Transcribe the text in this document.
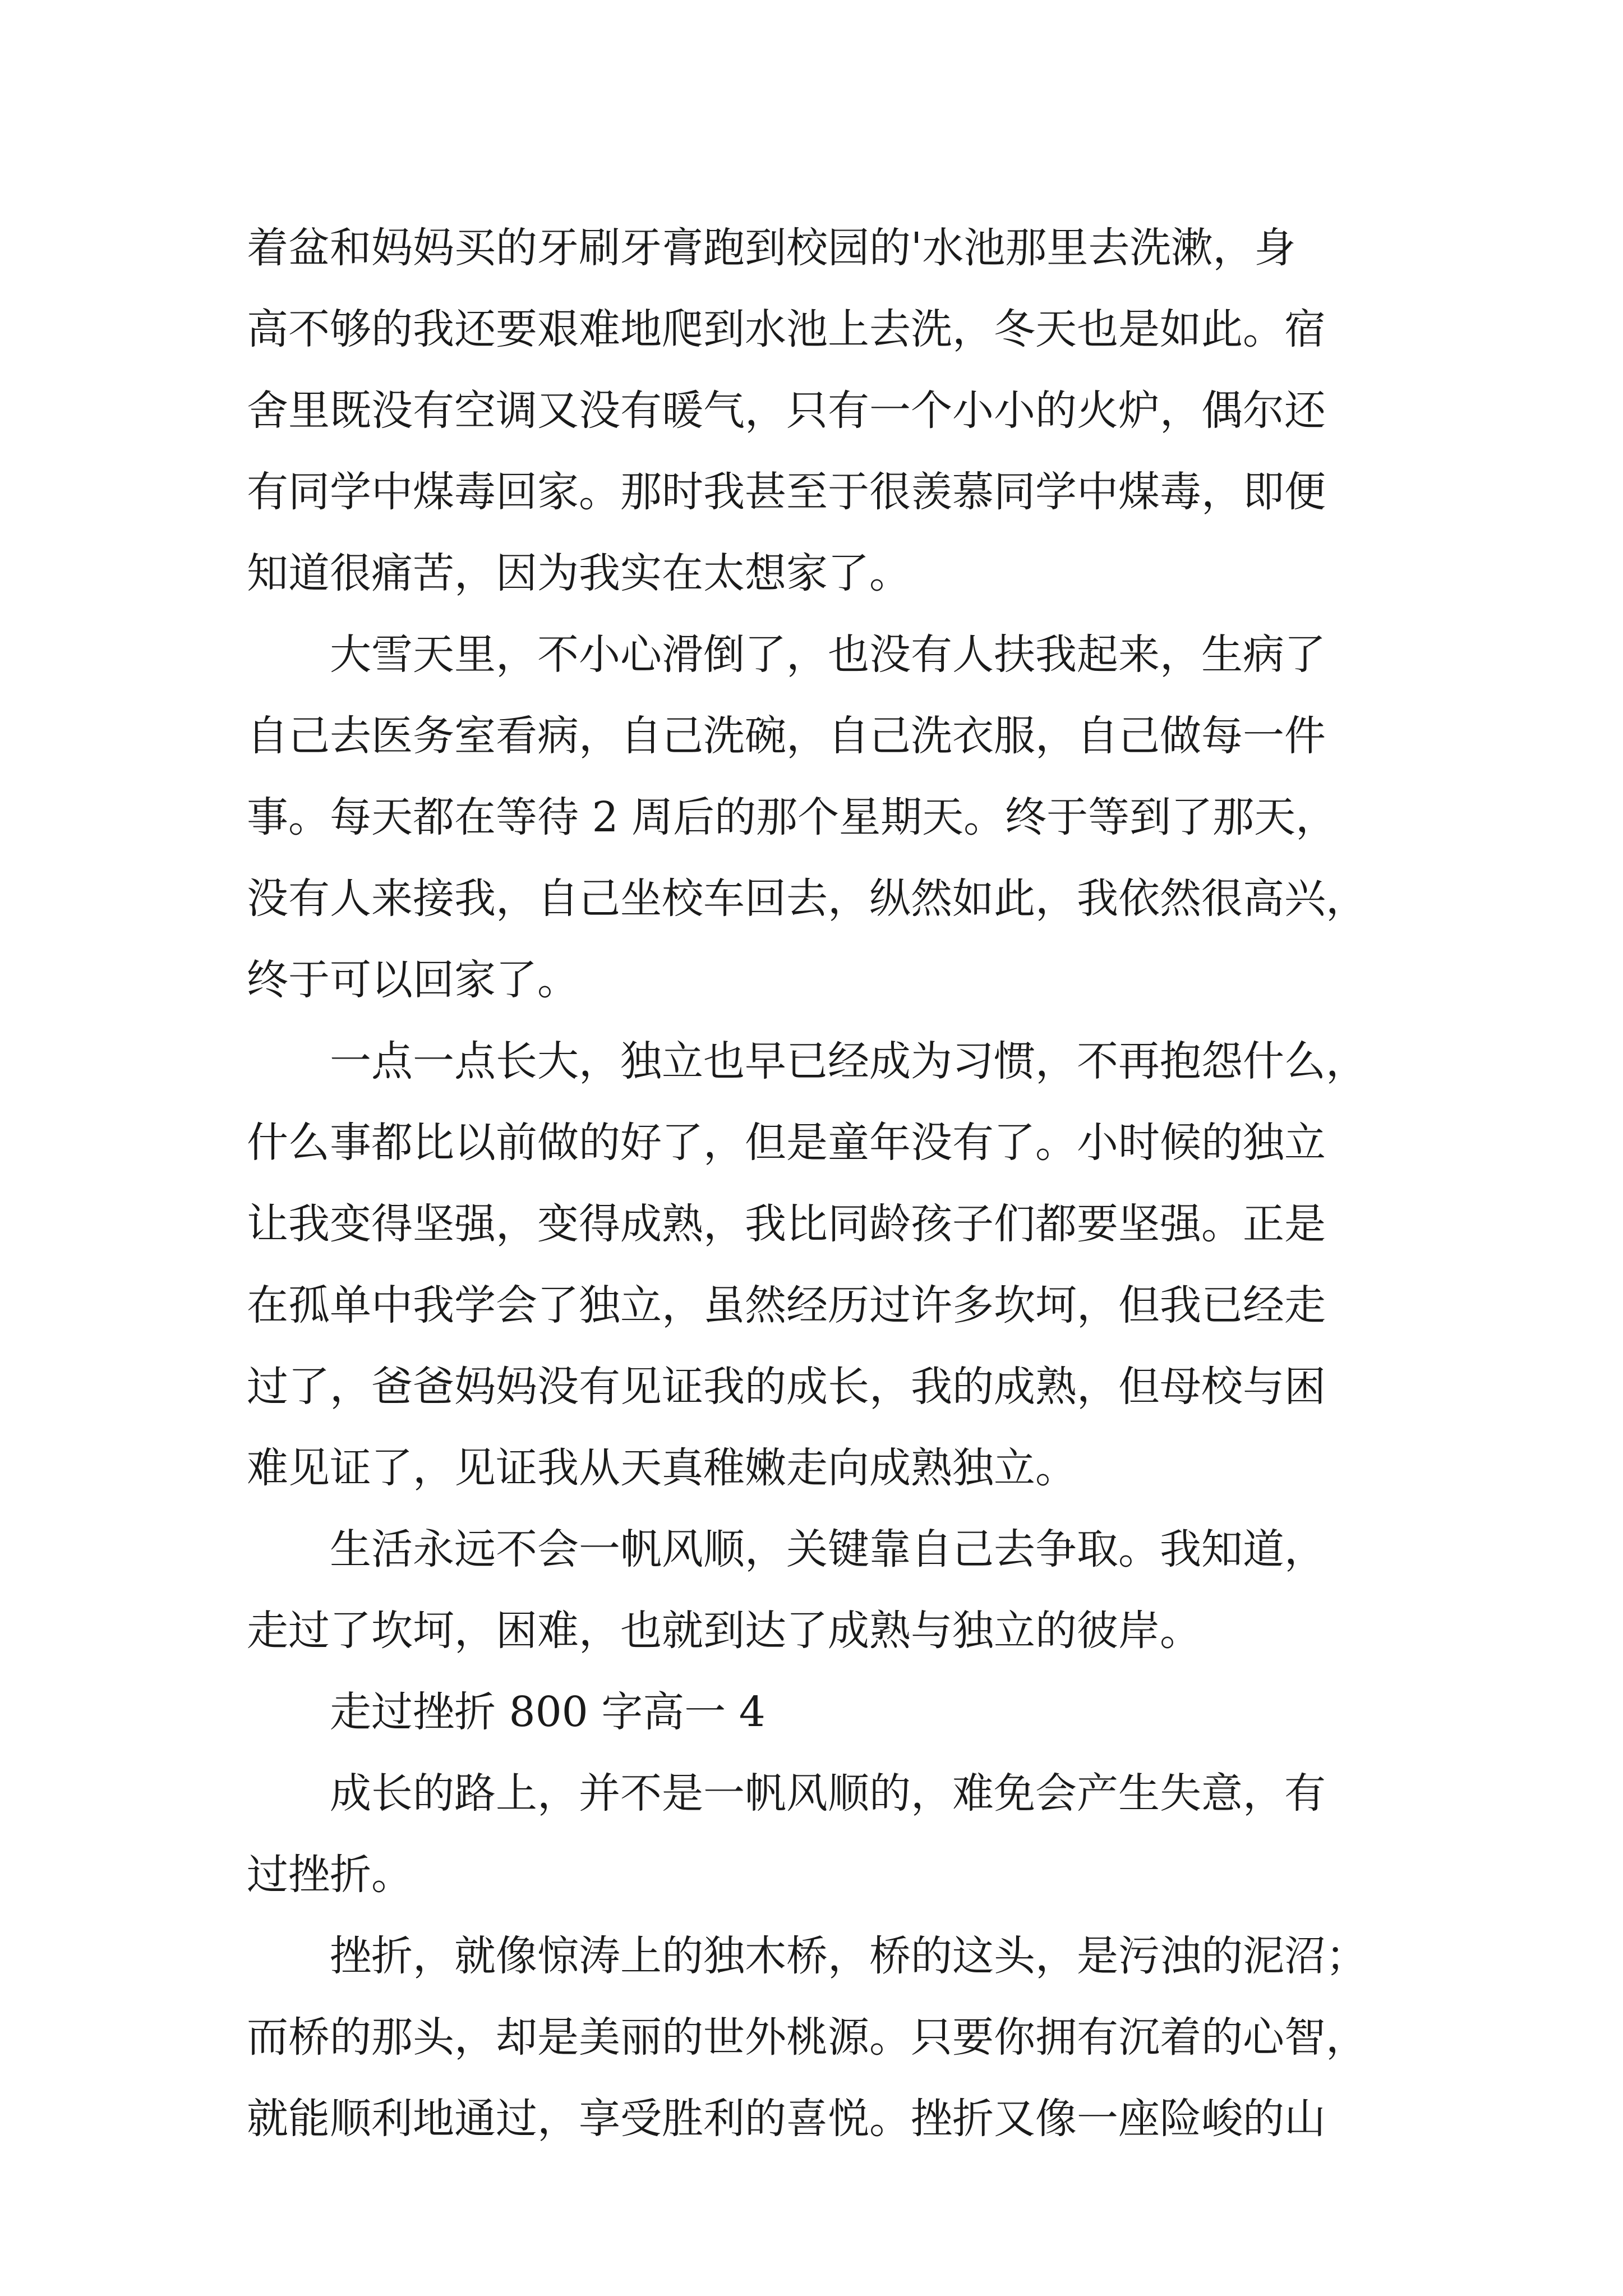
着盆和妈妈买的牙刷牙膏跑到校园的'水池那里去洗漱，身
高不够的我还要艰难地爬到水池上去洗，冬天也是如此。宿
舍里既没有空调又没有暖气，只有一个小小的火炉，偶尔还
有同学中煤毒回家。那时我甚至于很羡慕同学中煤毒，即便
知道很痛苦，因为我实在太想家了。
大雪天里，不小心滑倒了，也没有人扶我起来，生病了
自己去医务室看病，自己洗碗，自己洗衣服，自己做每一件
事。每天都在等待 2 周后的那个星期天。终于等到了那天，
没有人来接我，自己坐校车回去，纵然如此，我依然很高兴，
终于可以回家了。
一点一点长大，独立也早已经成为习惯，不再抱怨什么，
什么事都比以前做的好了，但是童年没有了。小时候的独立
让我变得坚强，变得成熟，我比同龄孩子们都要坚强。正是
在孤单中我学会了独立，虽然经历过许多坎坷，但我已经走
过了，爸爸妈妈没有见证我的成长，我的成熟，但母校与困
难见证了，见证我从天真稚嫩走向成熟独立。
生活永远不会一帆风顺，关键靠自己去争取。我知道，
走过了坎坷，困难，也就到达了成熟与独立的彼岸。
走过挫折 800 字高一 4
成长的路上，并不是一帆风顺的，难免会产生失意，有
过挫折。
挫折，就像惊涛上的独木桥，桥的这头，是污浊的泥沼；
而桥的那头，却是美丽的世外桃源。只要你拥有沉着的心智，
就能顺利地通过，享受胜利的喜悦。挫折又像一座险峻的山
